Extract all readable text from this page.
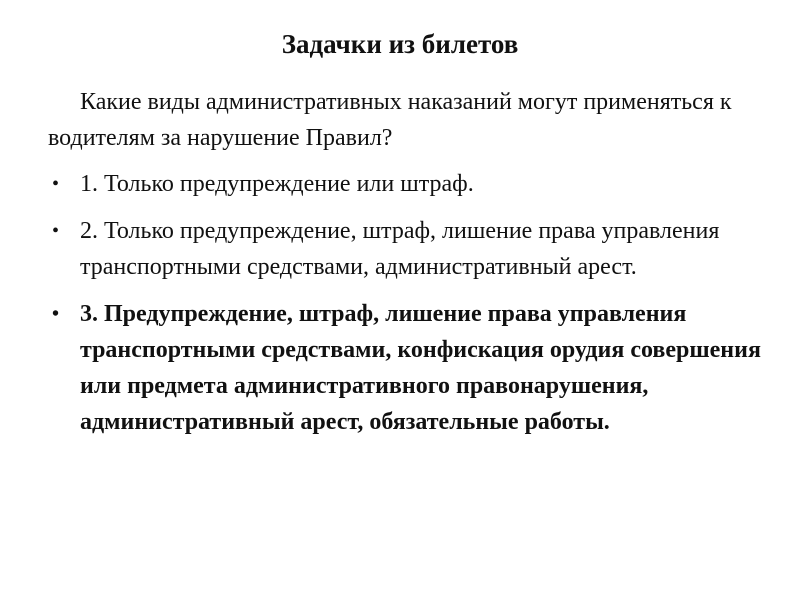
Задачки из билетов
Какие виды административных наказаний могут применяться к водителям за нарушение Правил?
• 1. Только предупреждение или штраф.
• 2. Только предупреждение, штраф, лишение права управления транспортными средствами, административный арест.
• 3. Предупреждение, штраф, лишение права управления транспортными средствами, конфискация орудия совершения или предмета административного правонарушения, административный арест, обязательные работы.
